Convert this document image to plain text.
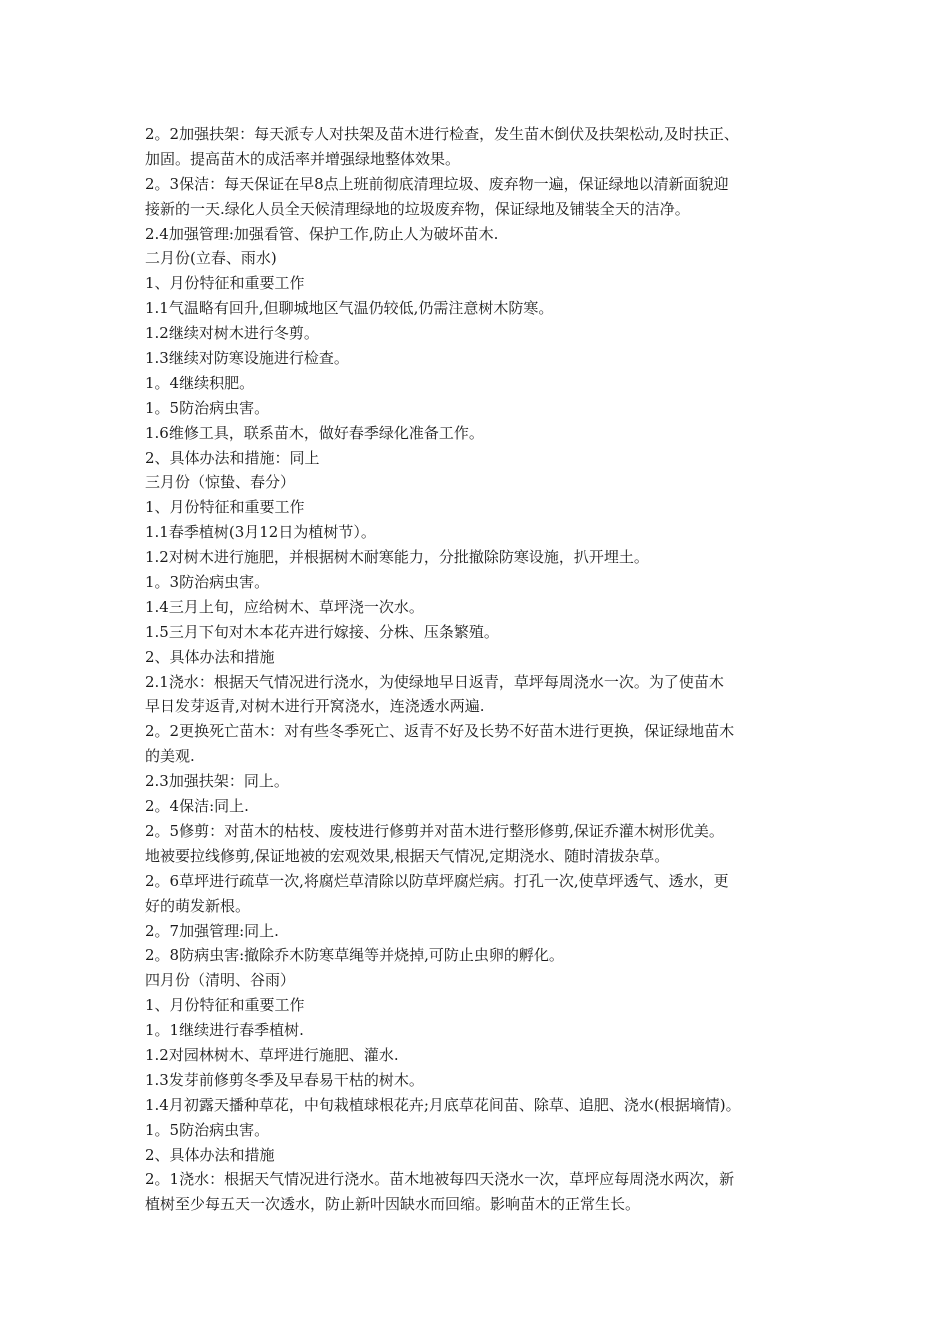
2。2加强扶架：每天派专人对扶架及苗木进行检查，发生苗木倒伏及扶架松动,及时扶正、
加固。提高苗木的成活率并增强绿地整体效果。
2。3保洁：每天保证在早8点上班前彻底清理垃圾、废弃物一遍，保证绿地以清新面貌迎
接新的一天.绿化人员全天候清理绿地的垃圾废弃物，保证绿地及铺装全天的洁净。
2.4加强管理:加强看管、保护工作,防止人为破坏苗木.
二月份(立春、雨水)
1、月份特征和重要工作
1.1气温略有回升,但聊城地区气温仍较低,仍需注意树木防寒。
1.2继续对树木进行冬剪。
1.3继续对防寒设施进行检查。
1。4继续积肥。
1。5防治病虫害。
1.6维修工具，联系苗木，做好春季绿化准备工作。
2、具体办法和措施：同上
三月份（惊蛰、春分）
1、月份特征和重要工作
1.1春季植树(3月12日为植树节）。
1.2对树木进行施肥，并根据树木耐寒能力，分批撤除防寒设施，扒开埋土。
1。3防治病虫害。
1.4三月上旬，应给树木、草坪浇一次水。
1.5三月下旬对木本花卉进行嫁接、分株、压条繁殖。
2、具体办法和措施
2.1浇水：根据天气情况进行浇水，为使绿地早日返青，草坪每周浇水一次。为了使苗木
早日发芽返青,对树木进行开窝浇水，连浇透水两遍.
2。2更换死亡苗木：对有些冬季死亡、返青不好及长势不好苗木进行更换，保证绿地苗木
的美观.
2.3加强扶架：同上。
2。4保洁:同上.
2。5修剪：对苗木的枯枝、废枝进行修剪并对苗木进行整形修剪,保证乔灌木树形优美。
地被要拉线修剪,保证地被的宏观效果,根据天气情况,定期浇水、随时清拔杂草。
2。6草坪进行疏草一次,将腐烂草清除以防草坪腐烂病。打孔一次,使草坪透气、透水，更
好的萌发新根。
2。7加强管理:同上.
2。8防病虫害:撤除乔木防寒草绳等并烧掉,可防止虫卵的孵化。
四月份（清明、谷雨）
1、月份特征和重要工作
1。1继续进行春季植树.
1.2对园林树木、草坪进行施肥、灌水.
1.3发芽前修剪冬季及早春易干枯的树木。
1.4月初露天播种草花，中旬栽植球根花卉;月底草花间苗、除草、追肥、浇水(根据墒情)。
1。5防治病虫害。
2、具体办法和措施
2。1浇水：根据天气情况进行浇水。苗木地被每四天浇水一次，草坪应每周浇水两次，新
植树至少每五天一次透水，防止新叶因缺水而回缩。影响苗木的正常生长。
